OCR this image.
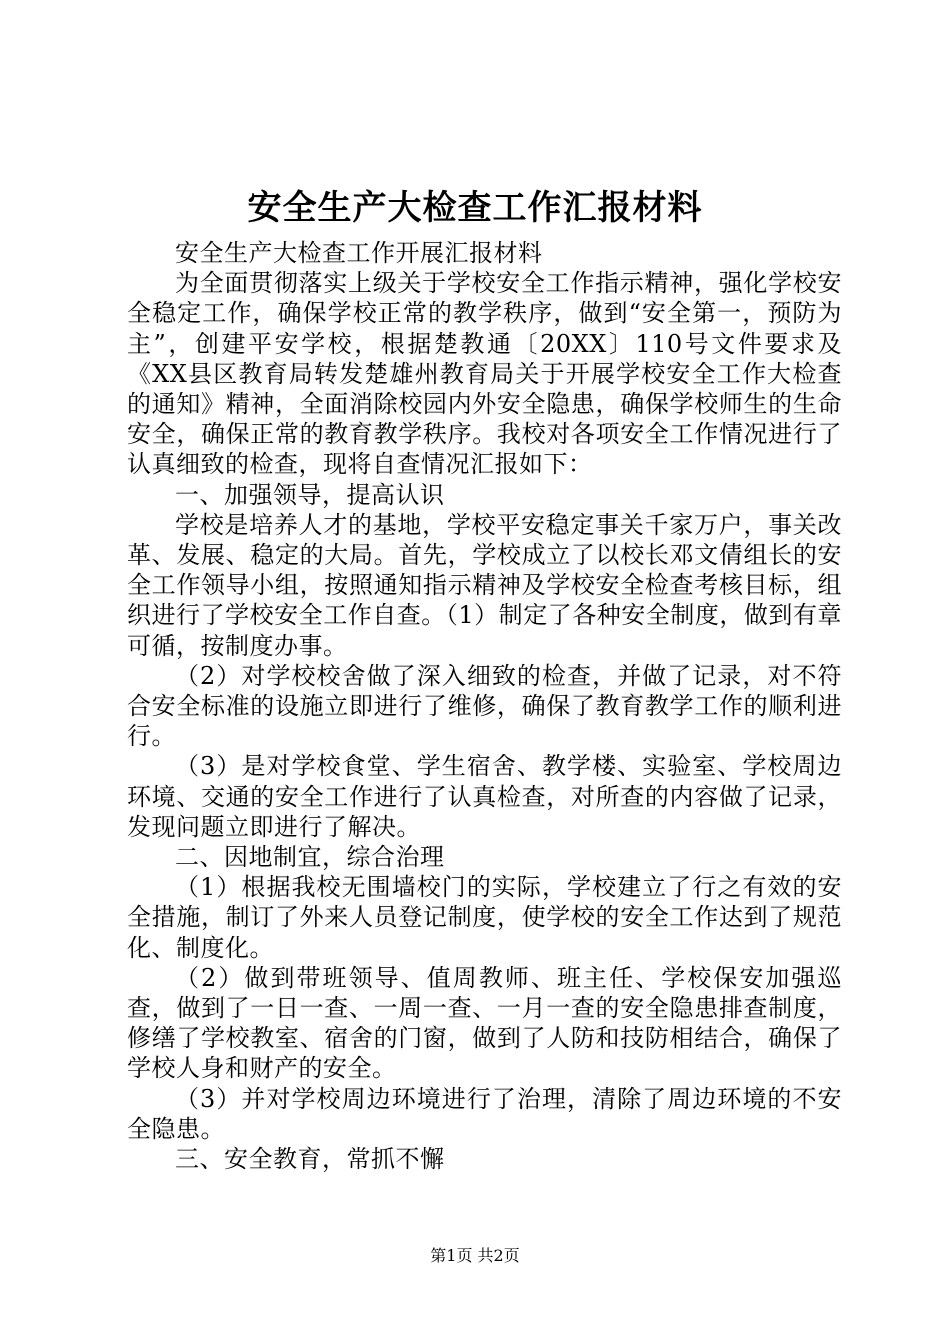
安全生产大检查工作汇报材料

安全生产大检查工作开展汇报材料

为全面贯彻落实上级关于学校安全工作指示精神，强化学校安全稳定工作，确保学校正常的教学秩序，做到“安全第一，预防为主”，创建平安学校，根据楚教通〔20XX〕110号文件要求及《XX县区教育局转发楚雄州教育局关于开展学校安全工作大检查的通知》精神，全面消除校园内外安全隐患，确保学校师生的生命安全，确保正常的教育教学秩序。我校对各项安全工作情况进行了认真细致的检查，现将自查情况汇报如下：

一、加强领导，提高认识

学校是培养人才的基地，学校平安稳定事关千家万户，事关改革、发展、稳定的大局。首先，学校成立了以校长邓文倩组长的安全工作领导小组，按照通知指示精神及学校安全检查考核目标，组织进行了学校安全工作自查。（1）制定了各种安全制度，做到有章可循，按制度办事。

（2）对学校校舍做了深入细致的检查，并做了记录，对不符合安全标准的设施立即进行了维修，确保了教育教学工作的顺利进行。

（3）是对学校食堂、学生宿舍、教学楼、实验室、学校周边环境、交通的安全工作进行了认真检查，对所查的内容做了记录，发现问题立即进行了解决。

二、因地制宜，综合治理

（1）根据我校无围墙校门的实际，学校建立了行之有效的安全措施，制订了外来人员登记制度，使学校的安全工作达到了规范化、制度化。

（2）做到带班领导、值周教师、班主任、学校保安加强巡查，做到了一日一查、一周一查、一月一查的安全隐患排查制度，修缮了学校教室、宿舍的门窗，做到了人防和技防相结合，确保了学校人身和财产的安全。

（3）并对学校周边环境进行了治理，清除了周边环境的不安全隐患。

三、安全教育，常抓不懈

第1页 共2页
